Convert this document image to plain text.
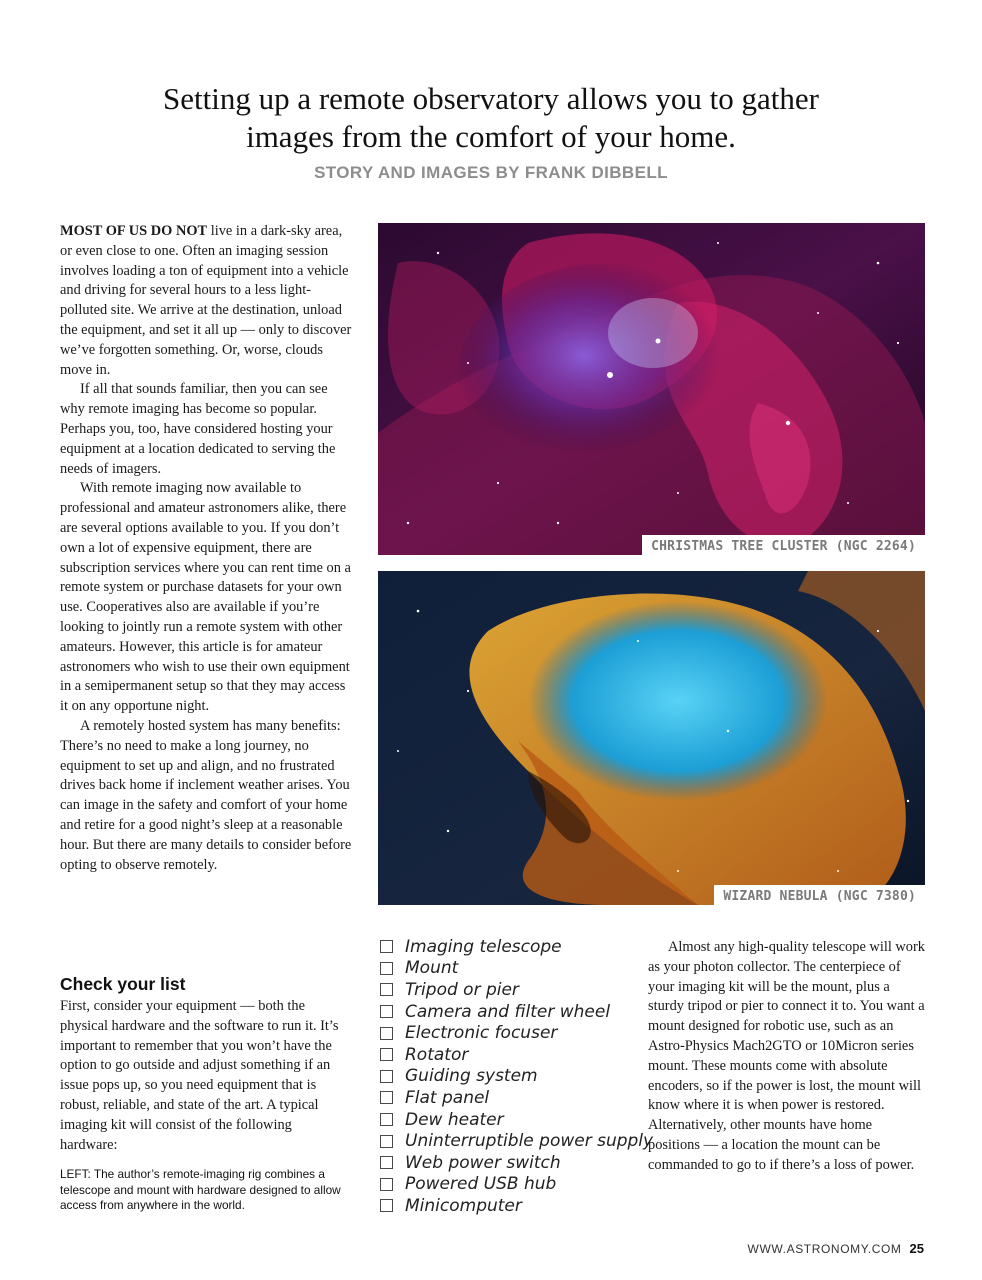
Setting up a remote observatory allows you to gather images from the comfort of your home.
STORY AND IMAGES BY FRANK DIBBELL

MOST OF US DO NOT live in a dark-sky area, or even close to one. Often an imaging session involves loading a ton of equipment into a vehicle and driving for several hours to a less light-polluted site. We arrive at the destination, unload the equipment, and set it all up — only to discover we’ve forgotten something. Or, worse, clouds move in.

If all that sounds familiar, then you can see why remote imaging has become so popular. Perhaps you, too, have considered hosting your equipment at a location dedicated to serving the needs of imagers.

With remote imaging now available to professional and amateur astronomers alike, there are several options available to you. If you don’t own a lot of expensive equipment, there are subscription services where you can rent time on a remote system or purchase datasets for your own use. Cooperatives also are available if you’re looking to jointly run a remote system with other amateurs. However, this article is for amateur astronomers who wish to use their own equipment in a semipermanent setup so that they may access it on any opportune night.

A remotely hosted system has many benefits: There’s no need to make a long journey, no equipment to set up and align, and no frustrated drives back home if inclement weather arises. You can image in the safety and comfort of your home and retire for a good night’s sleep at a reasonable hour. But there are many details to consider before opting to observe remotely.

Check your list

First, consider your equipment — both the physical hardware and the software to run it. It’s important to remember that you won’t have the option to go outside and adjust something if an issue pops up, so you need equipment that is robust, reliable, and state of the art. A typical imaging kit will consist of the following hardware:

LEFT: The author’s remote-imaging rig combines a telescope and mount with hardware designed to allow access from anywhere in the world.
CHRISTMAS TREE CLUSTER (NGC 2264)
WIZARD NEBULA (NGC 7380)
Imaging telescope
Mount
Tripod or pier
Camera and filter wheel
Electronic focuser
Rotator
Guiding system
Flat panel
Dew heater
Uninterruptible power supply
Web power switch
Powered USB hub
Minicomputer

Almost any high-quality telescope will work as your photon collector. The centerpiece of your imaging kit will be the mount, plus a sturdy tripod or pier to connect it to. You want a mount designed for robotic use, such as an Astro-Physics Mach2GTO or 10Micron series mount. These mounts come with absolute encoders, so if the power is lost, the mount will know where it is when power is restored. Alternatively, other mounts have home positions — a location the mount can be commanded to go to if there’s a loss of power.

WWW.ASTRONOMY.COM 25
